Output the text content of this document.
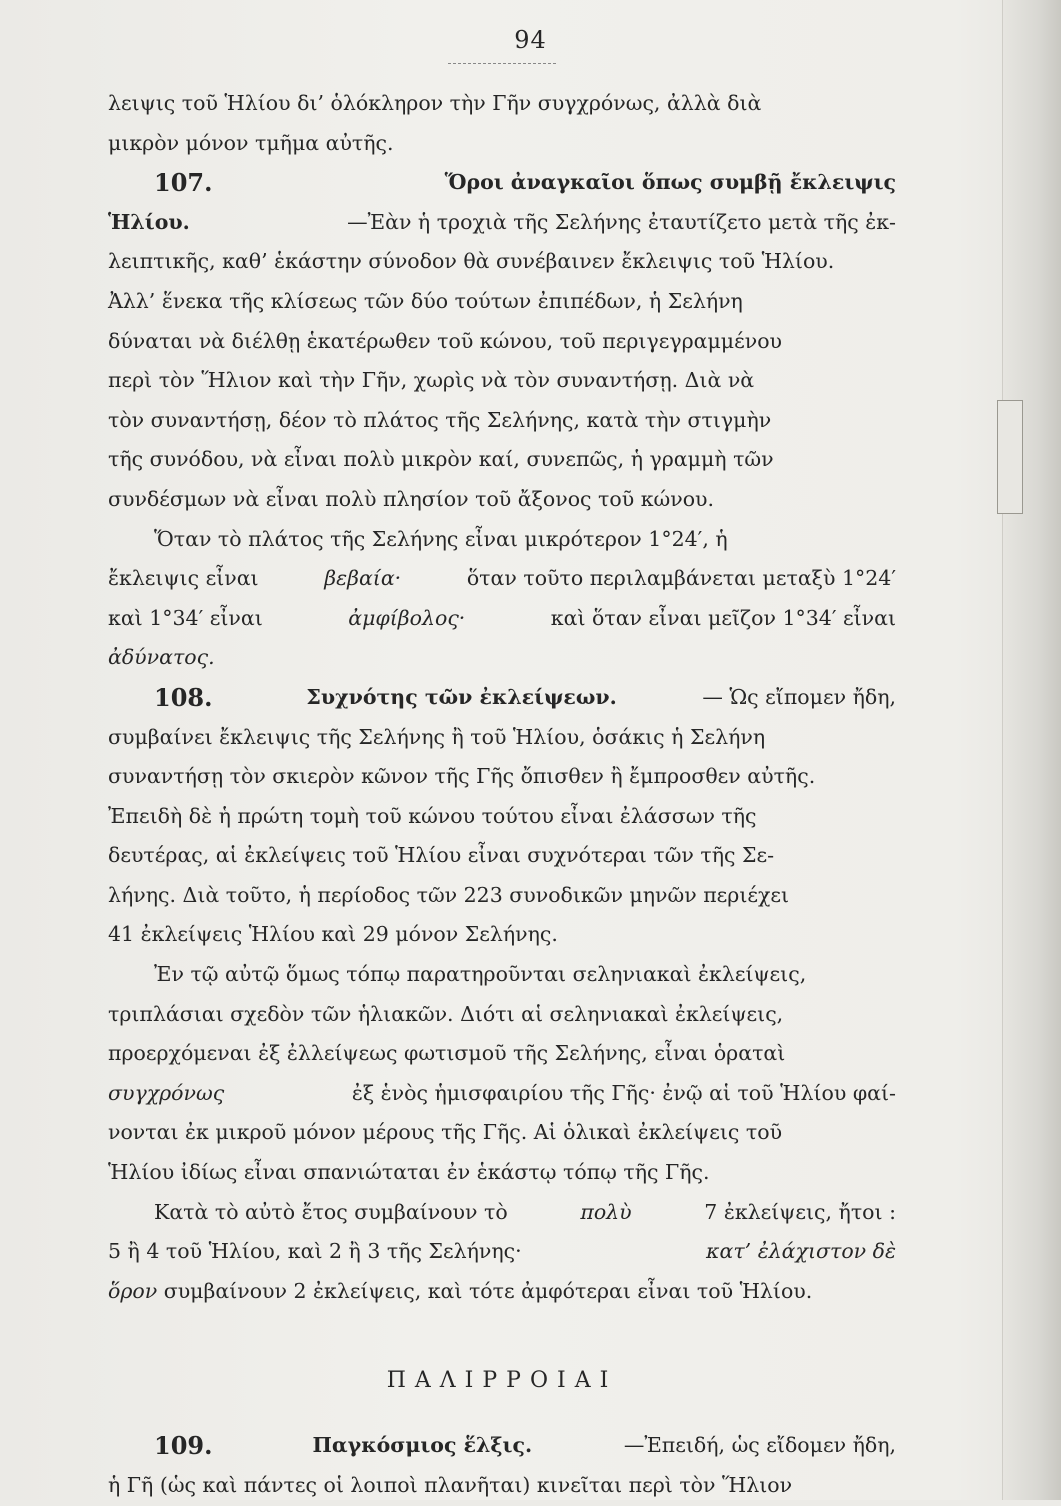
94
λειψις τοῦ Ἡλίου δι’ ὁλόκληρον τὴν Γῆν συγχρόνως, ἀλλὰ διὰ
μικρὸν μόνον τμῆμα αὐτῆς.
107.	Ὅροι ἀναγκαῖοι ὅπως συμβῇ ἔκλειψις
Ἡλίου.	—Ἐὰν ἡ τροχιὰ τῆς Σελήνης ἐταυτίζετο μετὰ τῆς ἐκ-
λειπτικῆς, καθ’ ἑκάστην σύνοδον θὰ συνέβαινεν ἔκλειψις τοῦ Ἡλίου.
Ἀλλ’ ἕνεκα τῆς κλίσεως τῶν δύο τούτων ἐπιπέδων, ἡ Σελήνη
δύναται νὰ διέλθῃ ἑκατέρωθεν τοῦ κώνου, τοῦ περιγεγραμμένου
περὶ τὸν Ἥλιον καὶ τὴν Γῆν, χωρὶς νὰ τὸν συναντήσῃ. Διὰ νὰ
τὸν συναντήσῃ, δέον τὸ πλάτος τῆς Σελήνης, κατὰ τὴν στιγμὴν
τῆς συνόδου, νὰ εἶναι πολὺ μικρὸν καί, συνεπῶς, ἡ γραμμὴ τῶν
συνδέσμων νὰ εἶναι πολὺ πλησίον τοῦ ἄξονος τοῦ κώνου.
Ὅταν τὸ πλάτος τῆς Σελήνης εἶναι μικρότερον 1°24′, ἡ
ἔκλειψις εἶναι	βεβαία·	ὅταν τοῦτο περιλαμβάνεται μεταξὺ 1°24′
καὶ 1°34′ εἶναι	ἀμφίβολος·	καὶ ὅταν εἶναι μεῖζον 1°34′ εἶναι
ἀδύνατος.
108.	Συχνότης τῶν ἐκλείψεων.	— Ὡς εἴπομεν ἤδη,
συμβαίνει ἔκλειψις τῆς Σελήνης ἢ τοῦ Ἡλίου, ὁσάκις ἡ Σελήνη
συναντήσῃ τὸν σκιερὸν κῶνον τῆς Γῆς ὄπισθεν ἢ ἔμπροσθεν αὐτῆς.
Ἐπειδὴ δὲ ἡ πρώτη τομὴ τοῦ κώνου τούτου εἶναι ἐλάσσων τῆς
δευτέρας, αἱ ἐκλείψεις τοῦ Ἡλίου εἶναι συχνότεραι τῶν τῆς Σε-
λήνης. Διὰ τοῦτο, ἡ περίοδος τῶν 223 συνοδικῶν μηνῶν περιέχει
41 ἐκλείψεις Ἡλίου καὶ 29 μόνον Σελήνης.
Ἐν τῷ αὐτῷ ὅμως τόπῳ παρατηροῦνται σεληνιακαὶ ἐκλείψεις,
τριπλάσιαι σχεδὸν τῶν ἡλιακῶν. Διότι αἱ σεληνιακαὶ ἐκλείψεις,
προερχόμεναι ἐξ ἐλλείψεως φωτισμοῦ τῆς Σελήνης, εἶναι ὁραταὶ
συγχρόνως	ἐξ ἑνὸς ἡμισφαιρίου τῆς Γῆς· ἐνῷ αἱ τοῦ Ἡλίου φαί-
νονται ἐκ μικροῦ μόνον μέρους τῆς Γῆς. Αἱ ὁλικαὶ ἐκλείψεις τοῦ
Ἡλίου ἰδίως εἶναι σπανιώταται ἐν ἑκάστῳ τόπῳ τῆς Γῆς.
Κατὰ τὸ αὐτὸ ἔτος συμβαίνουν τὸ	πολὺ	7 ἐκλείψεις, ἤτοι :
5 ἢ 4 τοῦ Ἡλίου, καὶ 2 ἢ 3 τῆς Σελήνης·	κατ’ ἐλάχιστον δὲ
ὅρον συμβαίνουν 2 ἐκλείψεις, καὶ τότε ἀμφότεραι εἶναι τοῦ Ἡλίου.
ΠΑΛΙΡΡΟΙΑΙ
109.	Παγκόσμιος ἕλξις.	—Ἐπειδή, ὡς εἴδομεν ἤδη,
ἡ Γῆ (ὡς καὶ πάντες οἱ λοιποὶ πλανῆται) κινεῖται περὶ τὸν Ἥλιον
